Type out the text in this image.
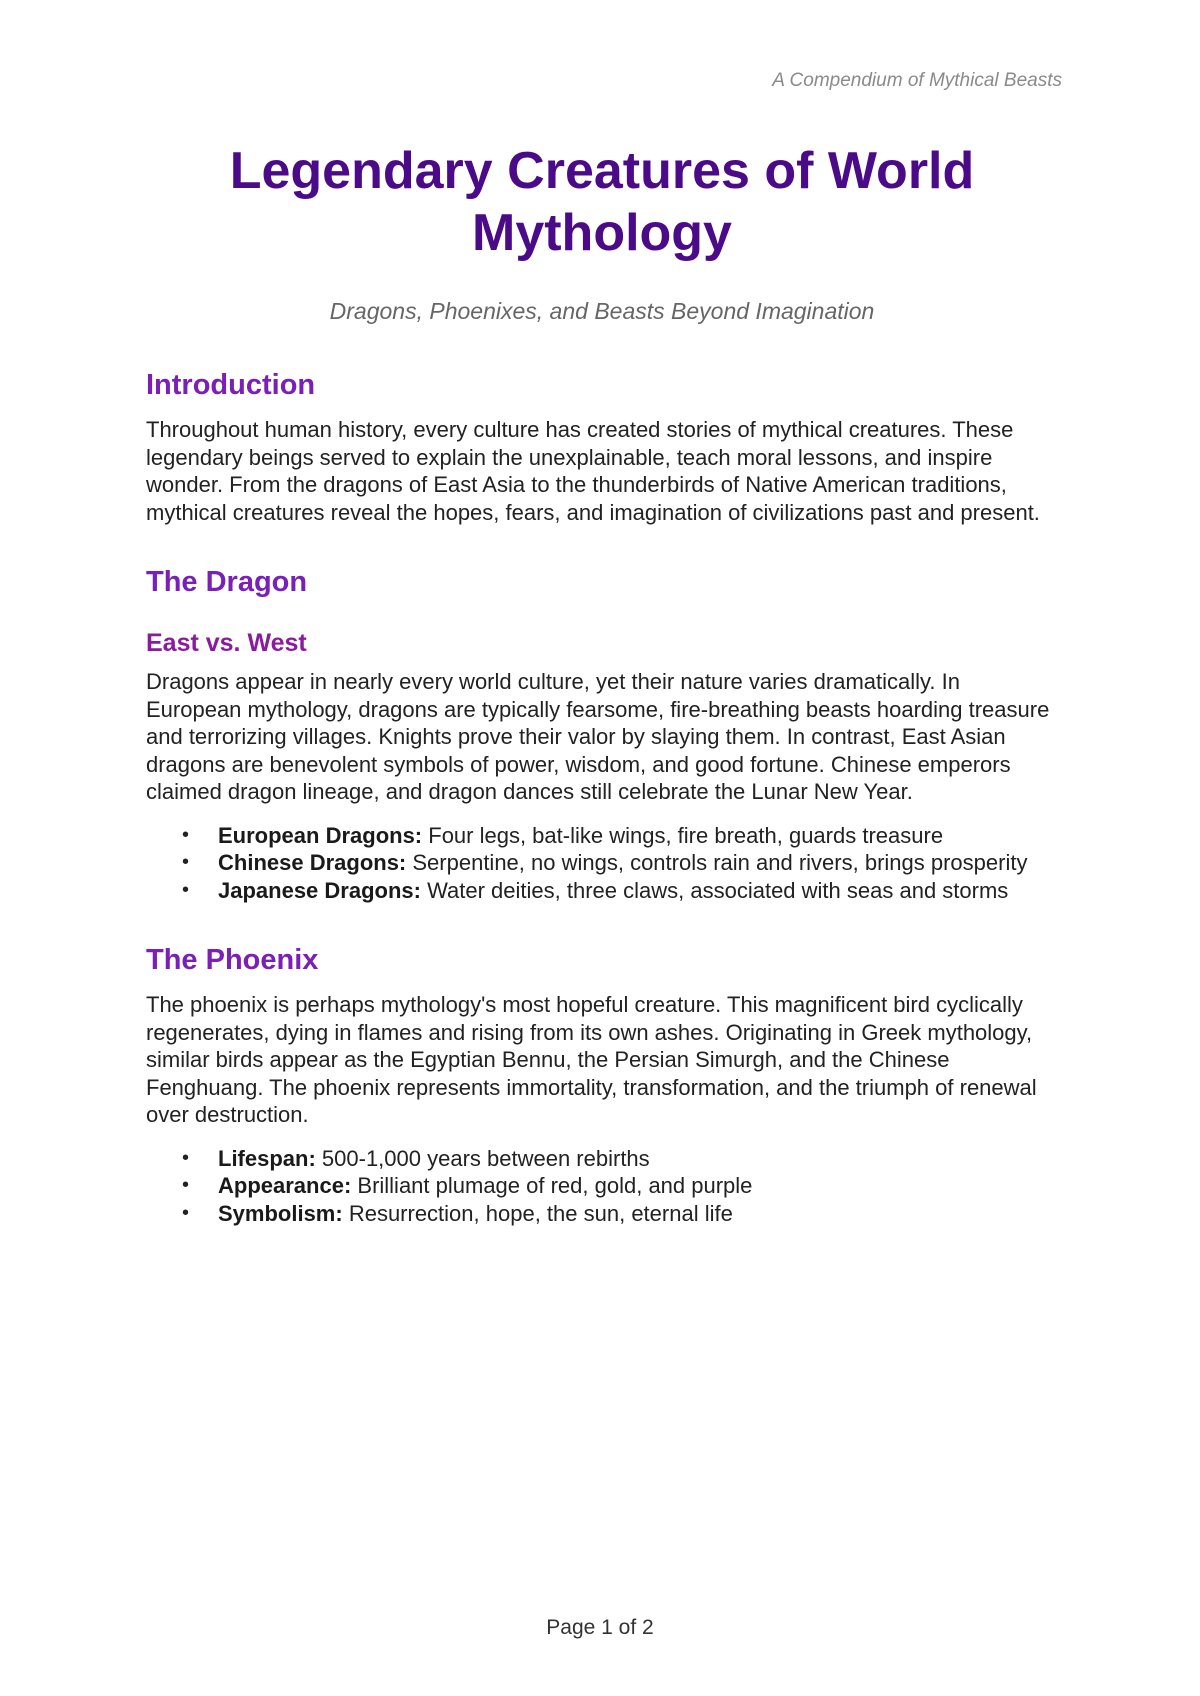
A Compendium of Mythical Beasts
Legendary Creatures of World Mythology
Dragons, Phoenixes, and Beasts Beyond Imagination
Introduction

Throughout human history, every culture has created stories of mythical creatures. These legendary beings served to explain the unexplainable, teach moral lessons, and inspire wonder. From the dragons of East Asia to the thunderbirds of Native American traditions, mythical creatures reveal the hopes, fears, and imagination of civilizations past and present.

The Dragon
East vs. West

Dragons appear in nearly every world culture, yet their nature varies dramatically. In European mythology, dragons are typically fearsome, fire-breathing beasts hoarding treasure and terrorizing villages. Knights prove their valor by slaying them. In contrast, East Asian dragons are benevolent symbols of power, wisdom, and good fortune. Chinese emperors claimed dragon lineage, and dragon dances still celebrate the Lunar New Year.

• European Dragons: Four legs, bat-like wings, fire breath, guards treasure
• Chinese Dragons: Serpentine, no wings, controls rain and rivers, brings prosperity
• Japanese Dragons: Water deities, three claws, associated with seas and storms
The Phoenix

The phoenix is perhaps mythology's most hopeful creature. This magnificent bird cyclically regenerates, dying in flames and rising from its own ashes. Originating in Greek mythology, similar birds appear as the Egyptian Bennu, the Persian Simurgh, and the Chinese Fenghuang. The phoenix represents immortality, transformation, and the triumph of renewal over destruction.

• Lifespan: 500-1,000 years between rebirths
• Appearance: Brilliant plumage of red, gold, and purple
• Symbolism: Resurrection, hope, the sun, eternal life
Page 1 of 2
